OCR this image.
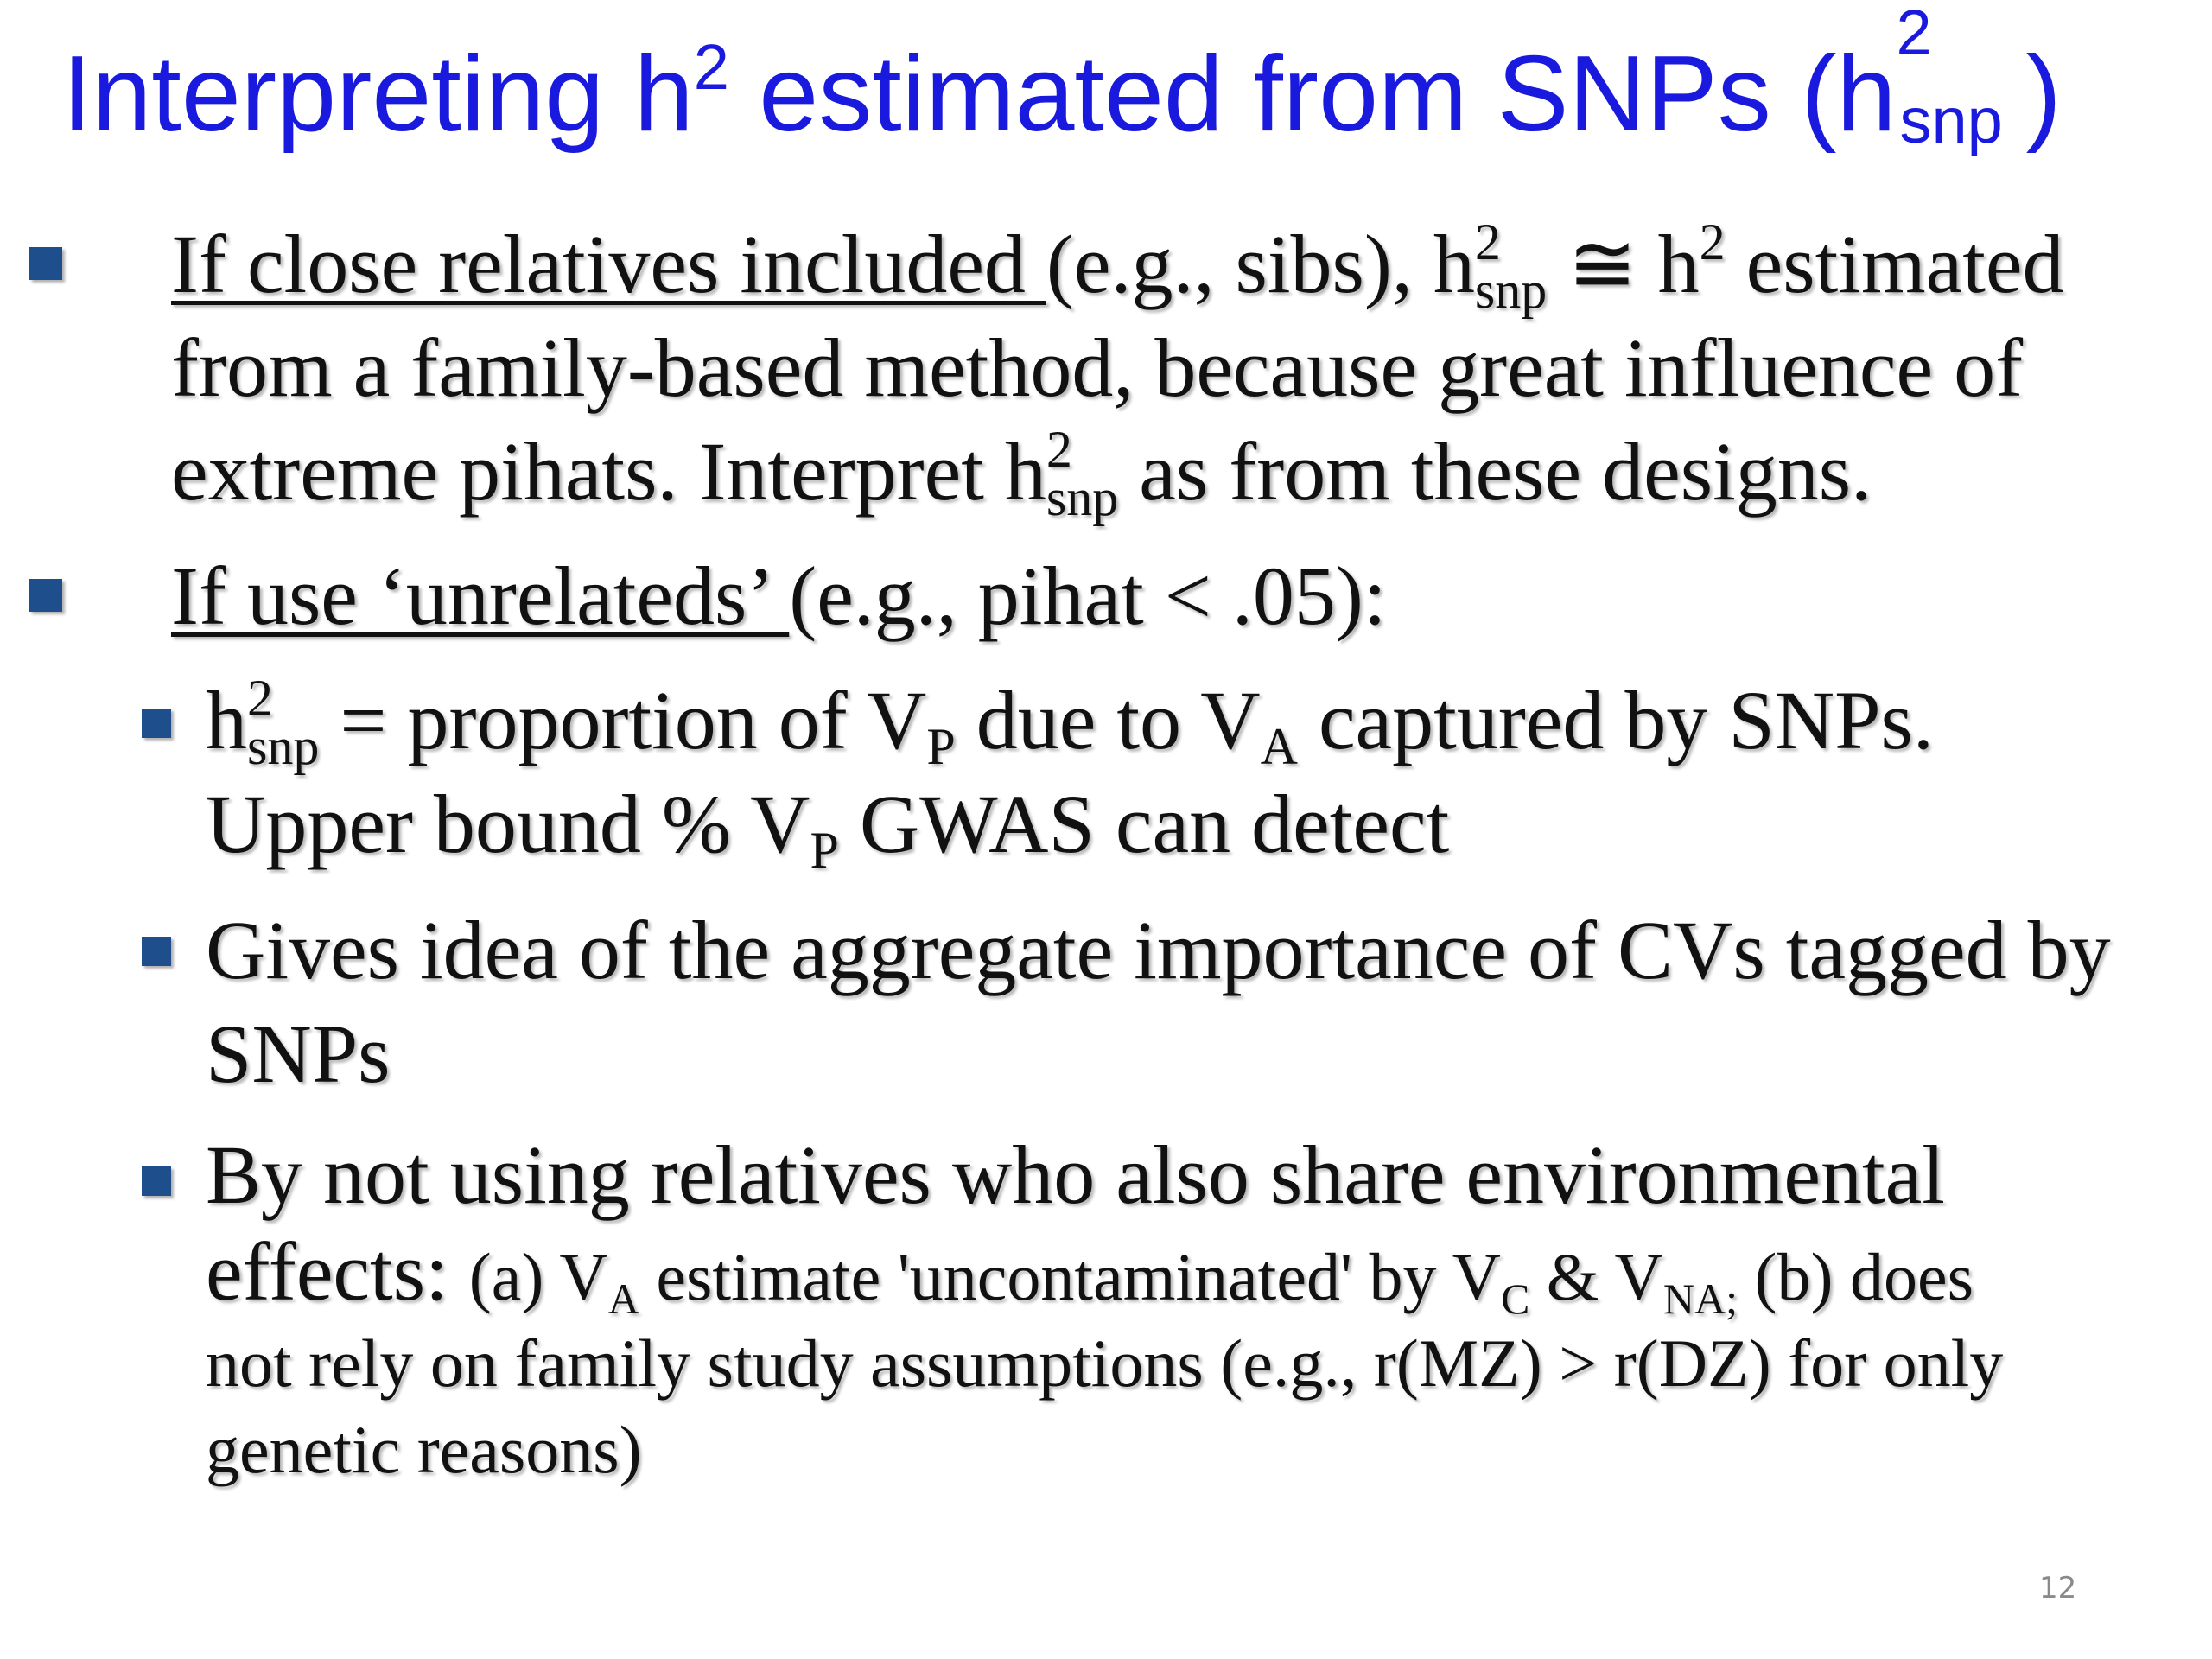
Interpreting $h^2$ estimated from SNPs (h
2
snp )
If close relatives included (e.g., sibs), $h^2snp$ ≅ $h^2$ estimated
from a family-based method, because great influence of
extreme pihats. Interpret $h^2snp$ as from these designs.
If use ‘unrelateds’ (e.g., pihat < .05):
$h^2snp$ = proportion of VP due to VA captured by SNPs.
Upper bound % VP GWAS can detect
Gives idea of the aggregate importance of CVs tagged by
SNPs
By not using relatives who also share environmental
effects: (a) VA estimate 'uncontaminated' by VC & VNA; (b) does
not rely on family study assumptions (e.g., r(MZ) > r(DZ) for only
genetic reasons)
12
